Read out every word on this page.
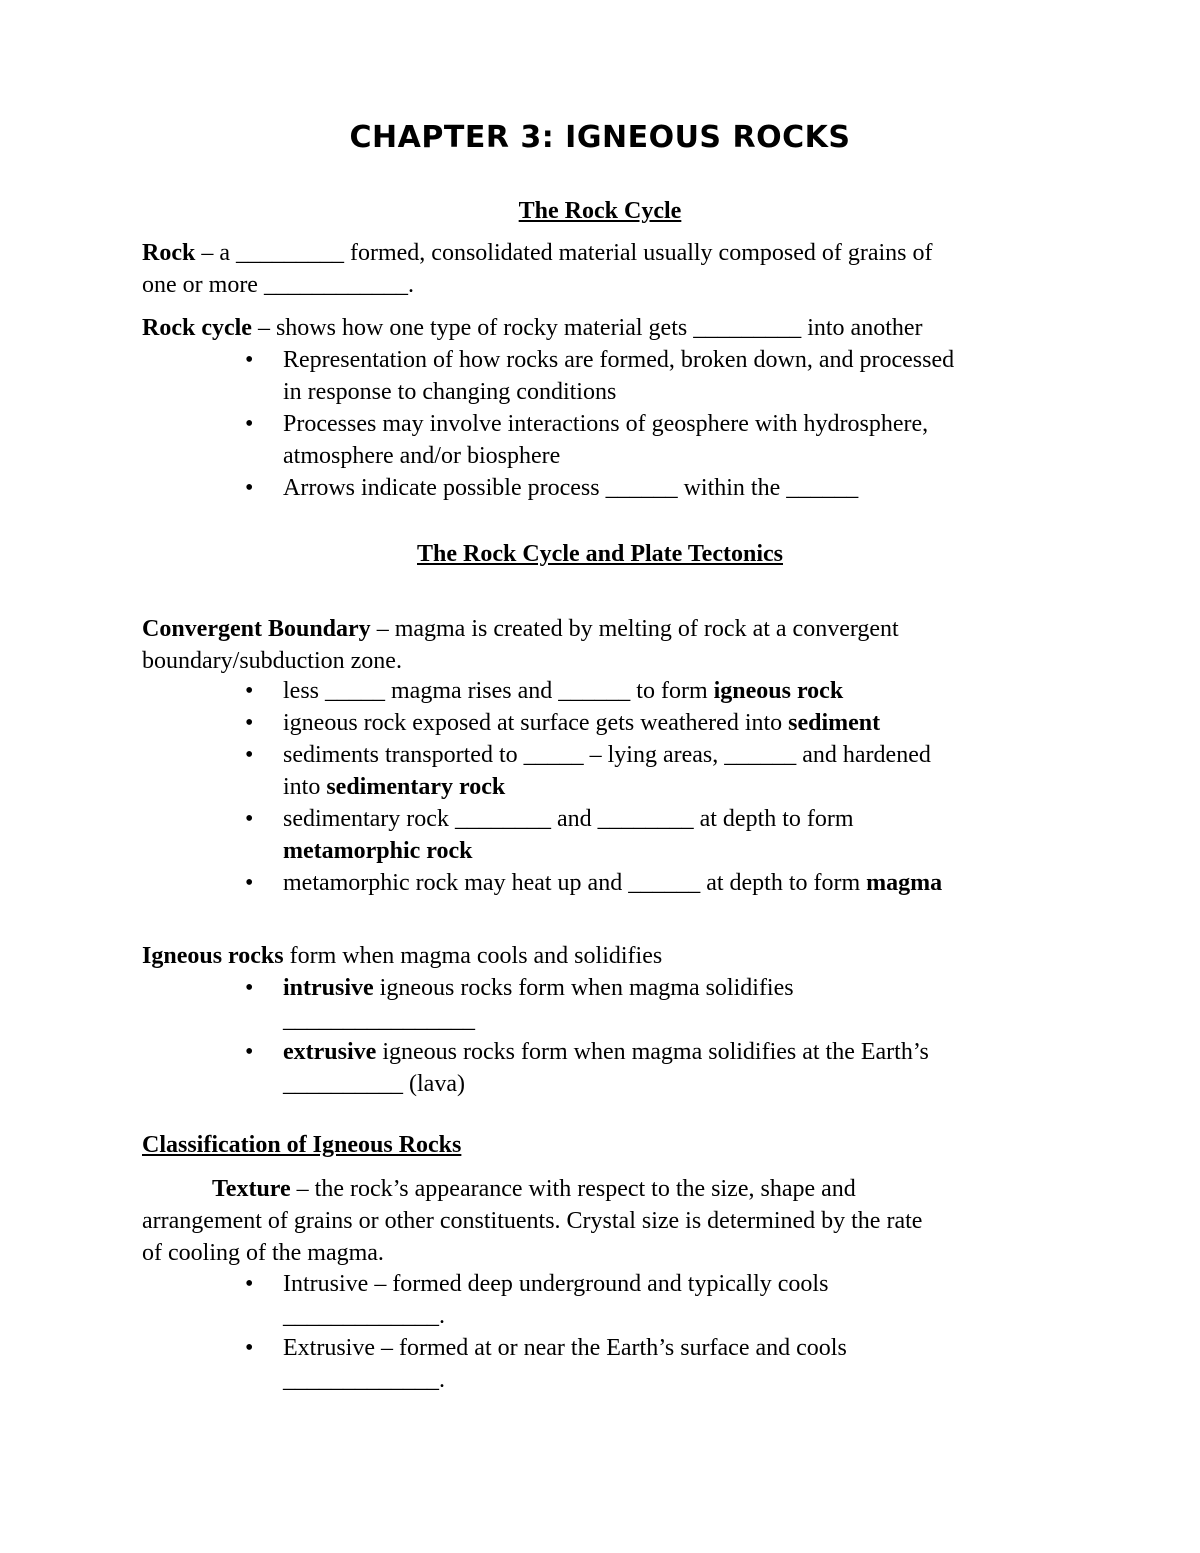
CHAPTER 3: IGNEOUS ROCKS
The Rock Cycle
Rock – a _________ formed, consolidated material usually composed of grains of
one or more ____________.
Rock cycle – shows how one type of rocky material gets _________ into another
• Representation of how rocks are formed, broken down, and processed
in response to changing conditions
• Processes may involve interactions of geosphere with hydrosphere,
atmosphere and/or biosphere
• Arrows indicate possible process ______ within the ______
The Rock Cycle and Plate Tectonics
Convergent Boundary – magma is created by melting of rock at a convergent
boundary/subduction zone.
• less _____ magma rises and ______ to form igneous rock
• igneous rock exposed at surface gets weathered into sediment
• sediments transported to _____ – lying areas, ______ and hardened
into sedimentary rock
• sedimentary rock ________ and ________ at depth to form
metamorphic rock
• metamorphic rock may heat up and ______ at depth to form magma
Igneous rocks form when magma cools and solidifies
• intrusive igneous rocks form when magma solidifies
________________
• extrusive igneous rocks form when magma solidifies at the Earth’s
__________ (lava)
Classification of Igneous Rocks
Texture – the rock’s appearance with respect to the size, shape and
arrangement of grains or other constituents. Crystal size is determined by the rate
of cooling of the magma.
• Intrusive – formed deep underground and typically cools
_____________.
• Extrusive – formed at or near the Earth’s surface and cools
_____________.
